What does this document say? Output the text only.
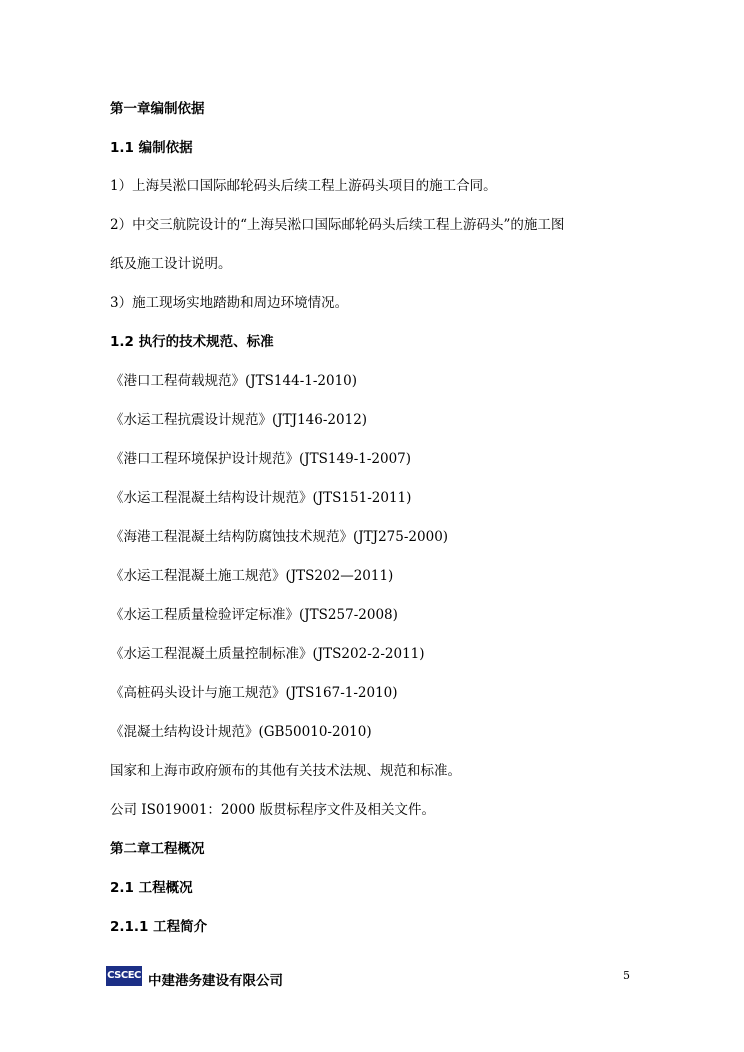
第一章编制依据
1.1 编制依据
1）上海吴淞口国际邮轮码头后续工程上游码头项目的施工合同。
2）中交三航院设计的“上海吴淞口国际邮轮码头后续工程上游码头”的施工图
纸及施工设计说明。
3）施工现场实地踏勘和周边环境情况。
1.2 执行的技术规范、标准
《港口工程荷载规范》(JTS144-1-2010)
《水运工程抗震设计规范》(JTJ146-2012)
《港口工程环境保护设计规范》(JTS149-1-2007)
《水运工程混凝土结构设计规范》(JTS151-2011)
《海港工程混凝土结构防腐蚀技术规范》(JTJ275-2000)
《水运工程混凝土施工规范》(JTS202—2011)
《水运工程质量检验评定标准》(JTS257-2008)
《水运工程混凝土质量控制标准》(JTS202-2-2011)
《高桩码头设计与施工规范》(JTS167-1-2010)
《混凝土结构设计规范》(GB50010-2010)
国家和上海市政府颁布的其他有关技术法规、规范和标准。
公司 IS019001：2000 版贯标程序文件及相关文件。
第二章工程概况
2.1 工程概况
2.1.1 工程简介
CSCEC 中建港务建设有限公司	5
